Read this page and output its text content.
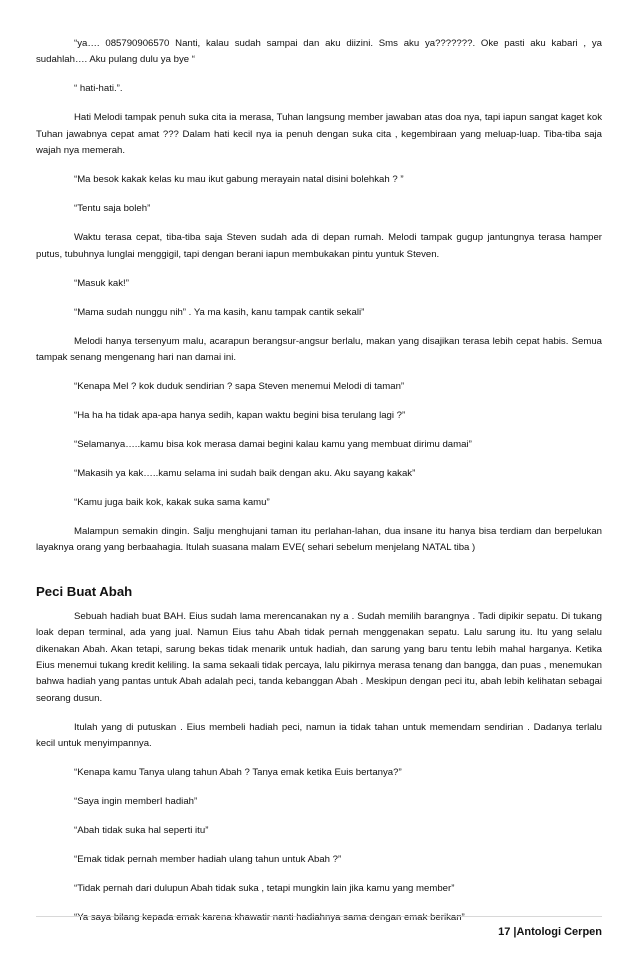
“ya…. 085790906570 Nanti, kalau sudah sampai dan aku diizini. Sms aku ya???????. Oke pasti aku kabari , ya sudahlah…. Aku pulang dulu ya bye “

“ hati-hati.”.

Hati Melodi tampak penuh suka cita ia merasa, Tuhan langsung member jawaban atas doa nya, tapi iapun sangat kaget kok Tuhan jawabnya cepat amat ??? Dalam hati kecil nya ia penuh dengan suka cita , kegembiraan yang meluap-luap. Tiba-tiba saja wajah nya memerah.

“Ma besok kakak kelas ku mau ikut gabung merayain natal disini bolehkah ? ”

“Tentu saja boleh”

Waktu terasa cepat, tiba-tiba saja Steven sudah ada di depan rumah. Melodi tampak gugup jantungnya terasa hamper putus, tubuhnya lunglai menggigil, tapi dengan berani iapun membukakan pintu yuntuk Steven.

“Masuk kak!”

“Mama sudah nunggu nih” . Ya ma kasih, kanu tampak cantik sekali”

Melodi hanya tersenyum malu, acarapun berangsur-angsur berlalu, makan yang disajikan terasa lebih cepat habis. Semua tampak senang mengenang hari nan damai ini.

“Kenapa Mel ? kok duduk sendirian ? sapa Steven menemui Melodi di taman”

“Ha ha ha tidak apa-apa hanya sedih, kapan waktu begini bisa terulang lagi ?”

“Selamanya…..kamu bisa kok merasa damai begini kalau kamu yang membuat dirimu damai”

“Makasih ya kak…..kamu selama ini sudah baik dengan aku. Aku sayang kakak”

“Kamu juga baik kok, kakak suka sama kamu”

Malampun semakin dingin. Salju menghujani taman itu perlahan-lahan, dua insane itu hanya bisa terdiam dan berpelukan layaknya orang yang berbaahagia. Itulah suasana malam EVE( sehari sebelum menjelang NATAL tiba )

Peci Buat Abah

Sebuah hadiah buat BAH. Eius sudah lama merencanakan ny a . Sudah memilih barangnya . Tadi dipikir sepatu. Di tukang loak depan terminal, ada yang jual. Namun Eius tahu Abah tidak pernah menggenakan sepatu. Lalu sarung itu. Itu yang selalu dikenakan Abah. Akan tetapi, sarung bekas tidak menarik untuk hadiah, dan sarung yang baru tentu lebih mahal harganya. Ketika Eius menemui tukang kredit keliling. Ia sama sekaali tidak percaya, lalu pikirnya merasa tenang dan bangga, dan puas , menemukan bahwa hadiah yang pantas untuk Abah adalah peci, tanda kebanggan Abah . Meskipun dengan peci itu, abah lebih kelihatan sebagai seorang dusun.

Itulah yang di putuskan . Eius membeli hadiah peci, namun ia tidak tahan untuk memendam sendirian . Dadanya terlalu kecil untuk menyimpannya.

“Kenapa kamu Tanya ulang tahun Abah ? Tanya emak ketika Euis bertanya?”

“Saya ingin memberI hadiah”

“Abah tidak suka hal seperti itu”

“Emak tidak pernah member hadiah ulang tahun untuk Abah ?”

“Tidak pernah dari dulupun Abah tidak suka , tetapi mungkin lain jika kamu yang member”

“Ya saya bilang kepada emak karena khawatir nanti hadiahnya sama dengan emak berikan”

17 |Antologi Cerpen
